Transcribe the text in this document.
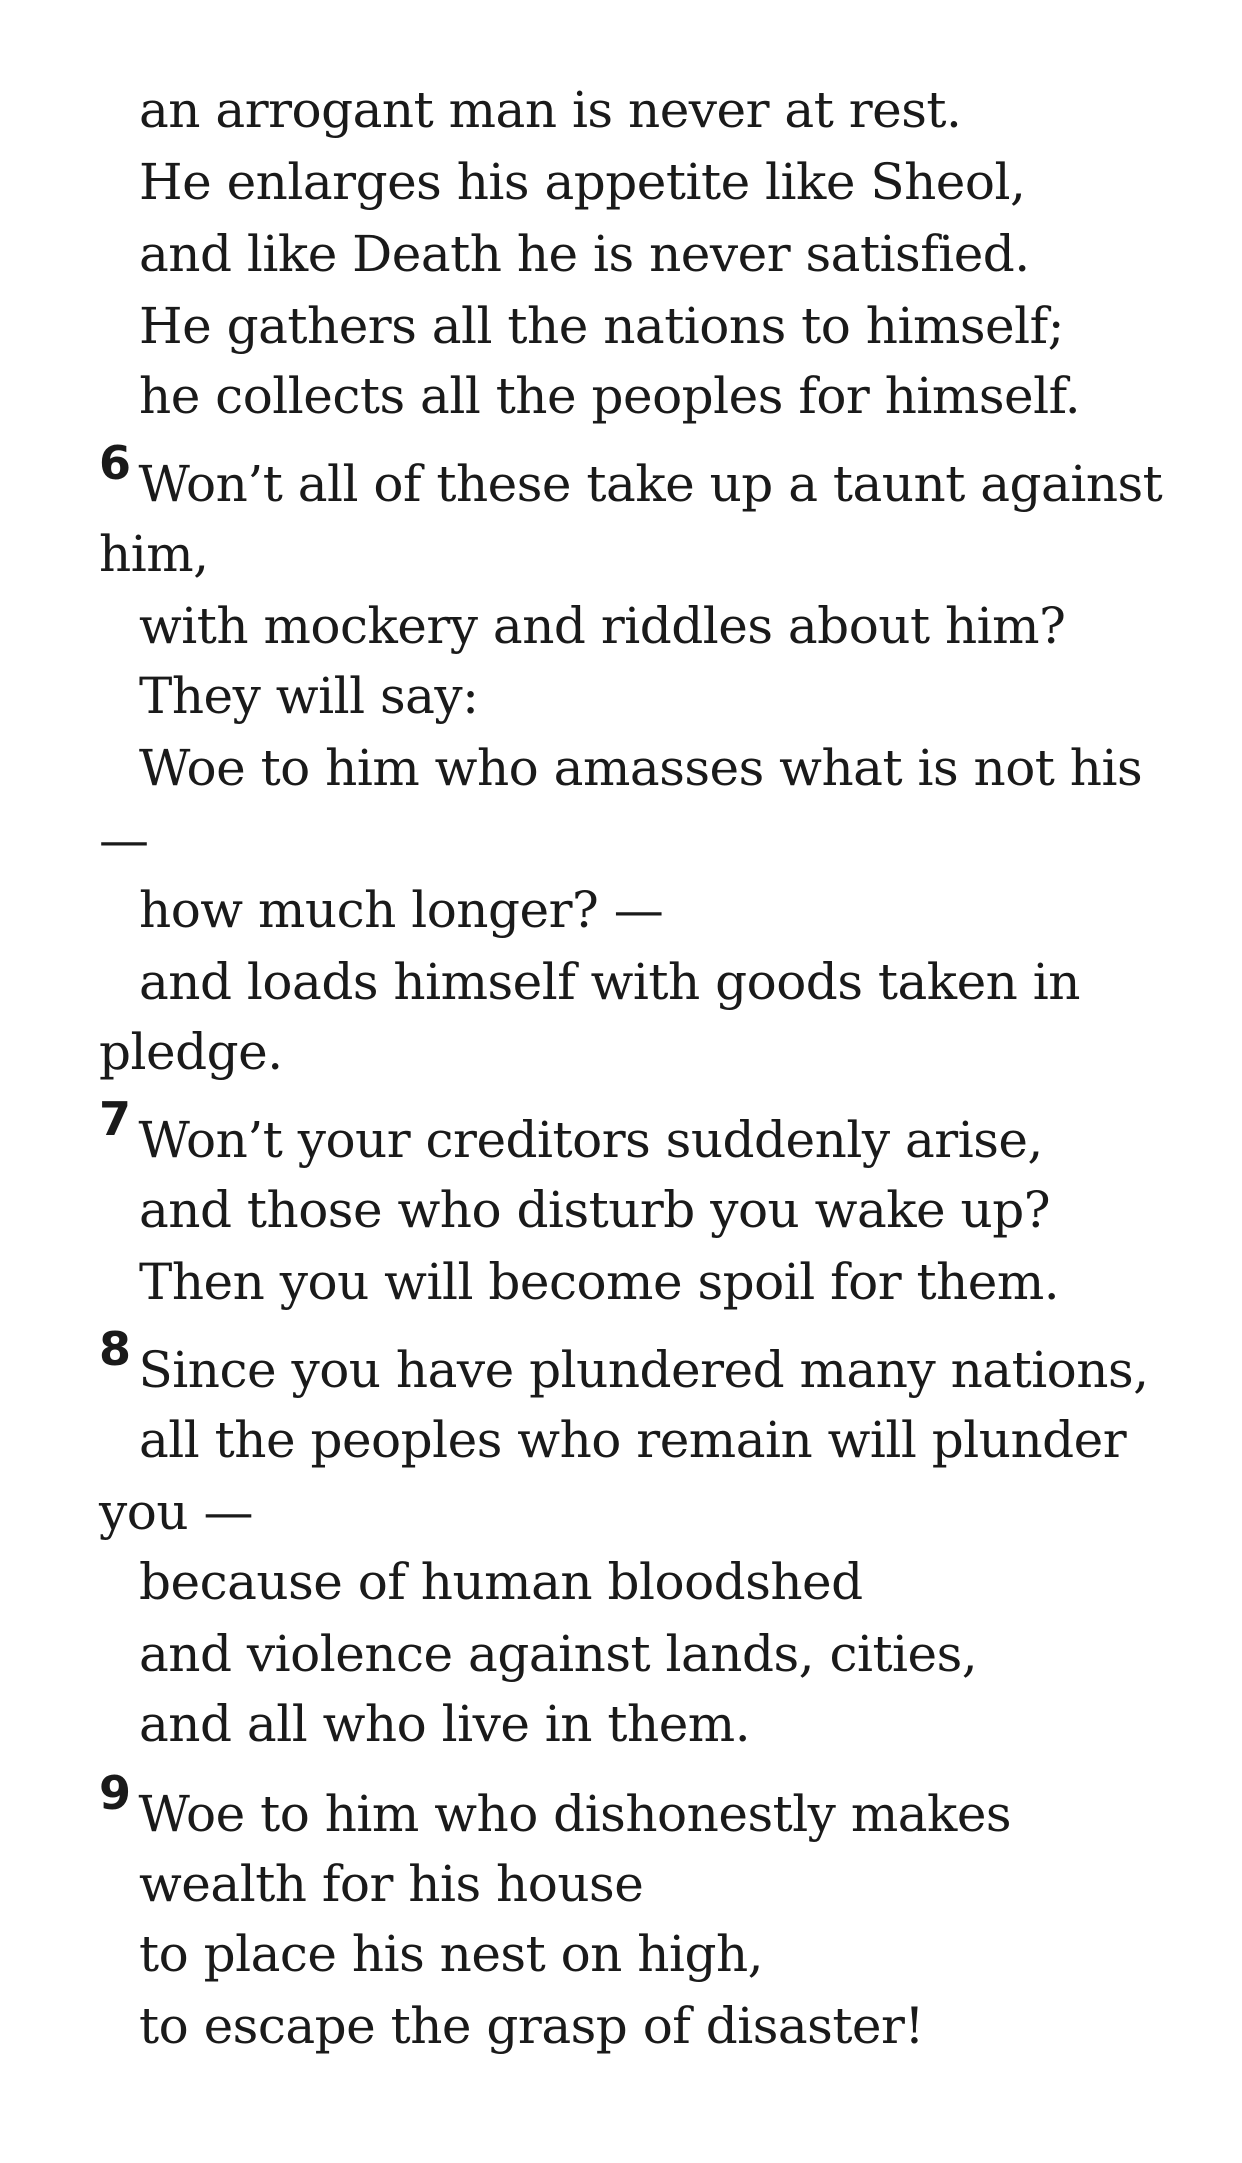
an arrogant man is never at rest.
He enlarges his appetite like Sheol,
and like Death he is never satisfied.
He gathers all the nations to himself;
he collects all the peoples for himself.
6 Won’t all of these take up a taunt against
him,
with mockery and riddles about him?
They will say:
Woe to him who amasses what is not his
—
how much longer? —
and loads himself with goods taken in
pledge.
7 Won’t your creditors suddenly arise,
and those who disturb you wake up?
Then you will become spoil for them.
8 Since you have plundered many nations,
all the peoples who remain will plunder
you —
because of human bloodshed
and violence against lands, cities,
and all who live in them.
9 Woe to him who dishonestly makes
wealth for his house
to place his nest on high,
to escape the grasp of disaster!
